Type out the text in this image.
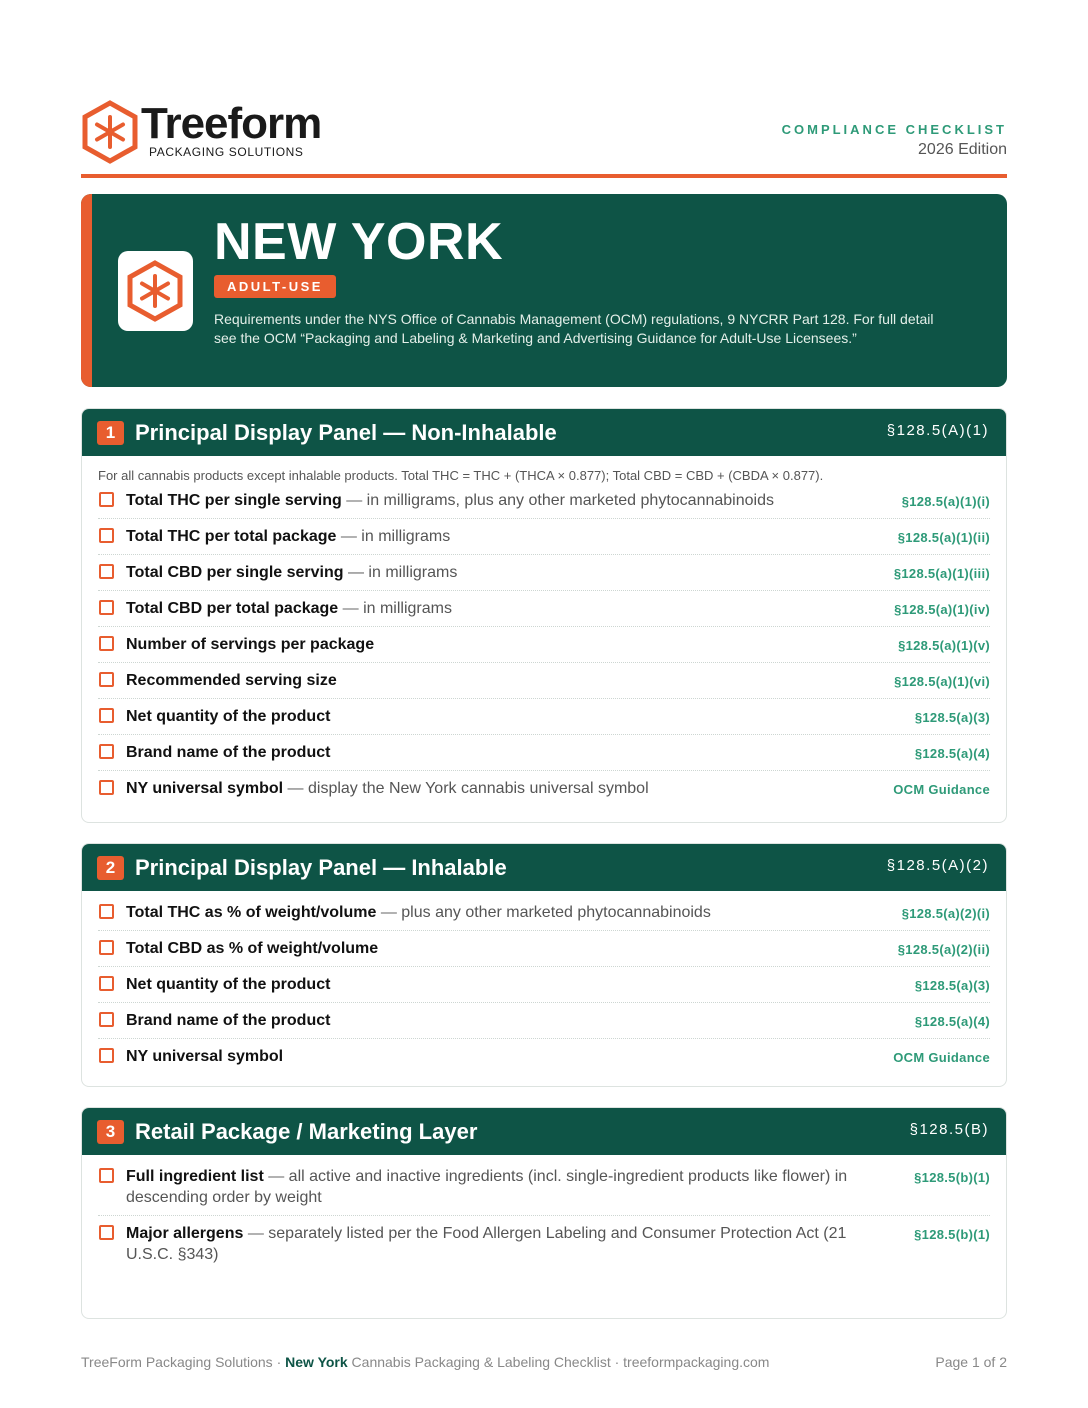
Treeform
PACKAGING SOLUTIONS
COMPLIANCE CHECKLIST
2026 Edition
NEW YORK
ADULT-USE
Requirements under the NYS Office of Cannabis Management (OCM) regulations, 9 NYCRR Part 128. For full detail see the OCM “Packaging and Labeling & Marketing and Advertising Guidance for Adult-Use Licensees.”
1 Principal Display Panel — Non-Inhalable	§128.5(A)(1)
For all cannabis products except inhalable products. Total THC = THC + (THCA × 0.877); Total CBD = CBD + (CBDA × 0.877).
Total THC per single serving — in milligrams, plus any other marketed phytocannabinoids	§128.5(a)(1)(i)
Total THC per total package — in milligrams	§128.5(a)(1)(ii)
Total CBD per single serving — in milligrams	§128.5(a)(1)(iii)
Total CBD per total package — in milligrams	§128.5(a)(1)(iv)
Number of servings per package	§128.5(a)(1)(v)
Recommended serving size	§128.5(a)(1)(vi)
Net quantity of the product	§128.5(a)(3)
Brand name of the product	§128.5(a)(4)
NY universal symbol — display the New York cannabis universal symbol	OCM Guidance
2 Principal Display Panel — Inhalable	§128.5(A)(2)
Total THC as % of weight/volume — plus any other marketed phytocannabinoids	§128.5(a)(2)(i)
Total CBD as % of weight/volume	§128.5(a)(2)(ii)
Net quantity of the product	§128.5(a)(3)
Brand name of the product	§128.5(a)(4)
NY universal symbol	OCM Guidance
3 Retail Package / Marketing Layer	§128.5(B)
Full ingredient list — all active and inactive ingredients (incl. single-ingredient products like flower) in descending order by weight
§128.5(b)(1)
Major allergens — separately listed per the Food Allergen Labeling and Consumer Protection Act (21 U.S.C. §343)
§128.5(b)(1)
TreeForm Packaging Solutions · New York Cannabis Packaging & Labeling Checklist · treeformpackaging.com	Page 1 of 2
